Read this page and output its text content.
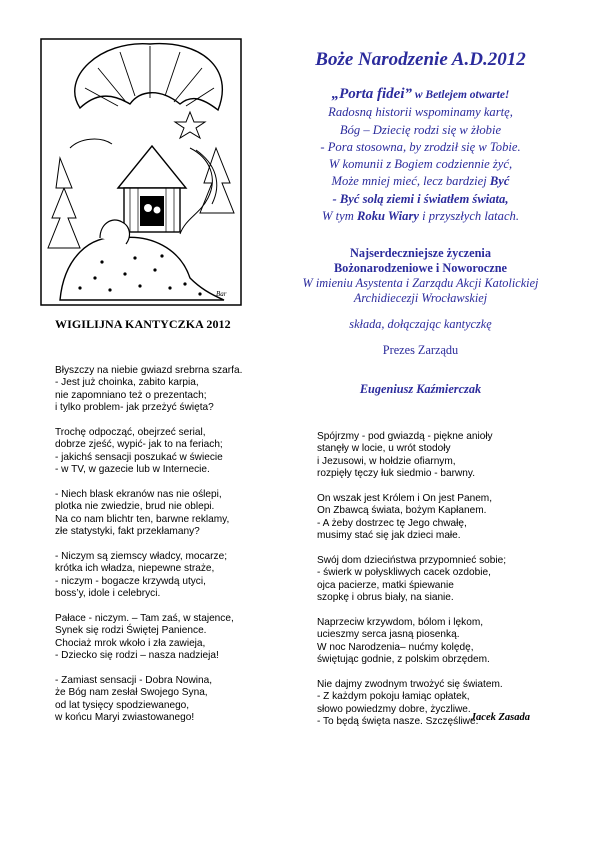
Bar
Boże Narodzenie A.D.2012
„Porta fidei” w Betlejem otwarte!
Radosną historii wspominamy kartę,
Bóg – Dziecię rodzi się w żłobie
- Pora stosowna, by zrodził się w Tobie.
W komunii z Bogiem codziennie żyć,
Może mniej mieć, lecz bardziej Być
- Być solą ziemi i światłem świata,
W tym Roku Wiary i przyszłych latach.
Najserdeczniejsze życzenia
Bożonarodzeniowe i Noworoczne
W imieniu Asystenta i Zarządu Akcji Katolickiej
Archidiecezji Wrocławskiej
składa, dołączając kantyczkę
Prezes Zarządu
Eugeniusz Kaźmierczak
WIGILIJNA KANTYCZKA 2012
Błyszczy na niebie gwiazd srebrna szarfa.
- Jest już choinka, zabito karpia,
nie zapomniano też o prezentach;
i tylko problem- jak przeżyć święta?
Trochę odpocząć, obejrzeć serial,
dobrze zjeść, wypić- jak to na feriach;
- jakichś sensacji poszukać w świecie
- w TV, w gazecie lub w Internecie.
- Niech blask ekranów nas nie oślepi,
plotka nie zwiedzie, brud nie oblepi.
Na co nam blichtr ten, barwne reklamy,
złe statystyki, fakt przekłamany?
- Niczym są ziemscy władcy, mocarze;
krótka ich władza, niepewne straże,
- niczym - bogacze krzywdą utyci,
boss’y, idole i celebryci.
Pałace - niczym. – Tam zaś, w stajence,
Synek się rodzi Świętej Panience.
Chociaż mrok wkoło i zła zawieja,
- Dziecko się rodzi – nasza nadzieja!
- Zamiast sensacji - Dobra Nowina,
że Bóg nam zesłał Swojego Syna,
od lat tysięcy spodziewanego,
w końcu Maryi zwiastowanego!
Spójrzmy - pod gwiazdą - piękne anioły
stanęły w locie, u wrót stodoły
i Jezusowi, w hołdzie ofiarnym,
rozpięły tęczy łuk siedmio - barwny.
On wszak jest Królem i On jest Panem,
On Zbawcą świata, bożym Kapłanem.
- A żeby dostrzec tę Jego chwałę,
musimy stać się jak dzieci małe.
Swój dom dzieciństwa przypomnieć sobie;
- świerk w połyskliwych cacek ozdobie,
ojca pacierze, matki śpiewanie
szopkę i obrus biały, na sianie.
Naprzeciw krzywdom, bólom i lękom,
ucieszmy serca jasną piosenką.
W noc Narodzenia– nućmy kolędę,
świętując godnie, z polskim obrzędem.
Nie dajmy zwodnym trwożyć się światem.
- Z każdym pokoju łamiąc opłatek,
słowo powiedzmy dobre, życzliwe.
- To będą święta nasze. Szczęśliwe.
Jacek Zasada
